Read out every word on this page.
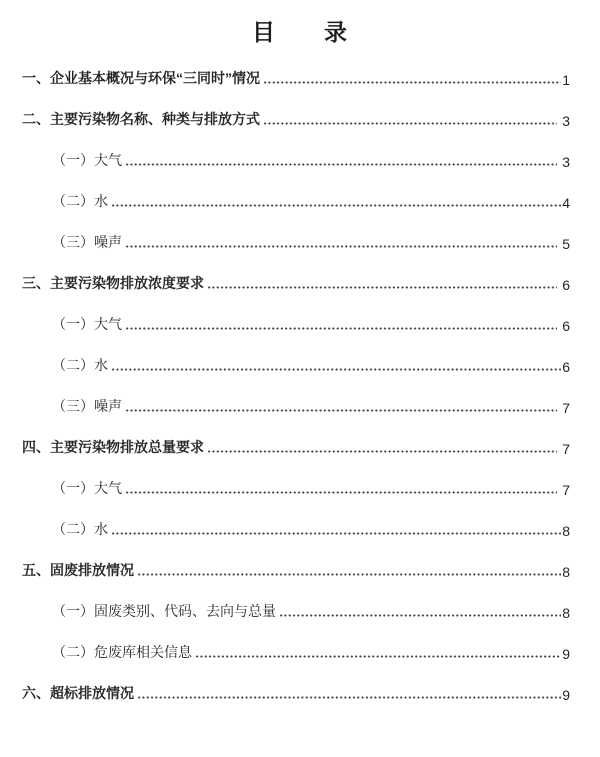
目 录
一、企业基本概况与环保“三同时”情况	1
二、主要污染物名称、种类与排放方式	3
（一）大气	3
（二）水	4
（三）噪声	5
三、主要污染物排放浓度要求	6
（一）大气	6
（二）水	6
（三）噪声	7
四、主要污染物排放总量要求	7
（一）大气	7
（二）水	8
五、固废排放情况	8
（一）固废类别、代码、去向与总量	8
（二）危废库相关信息	9
六、超标排放情况	9
